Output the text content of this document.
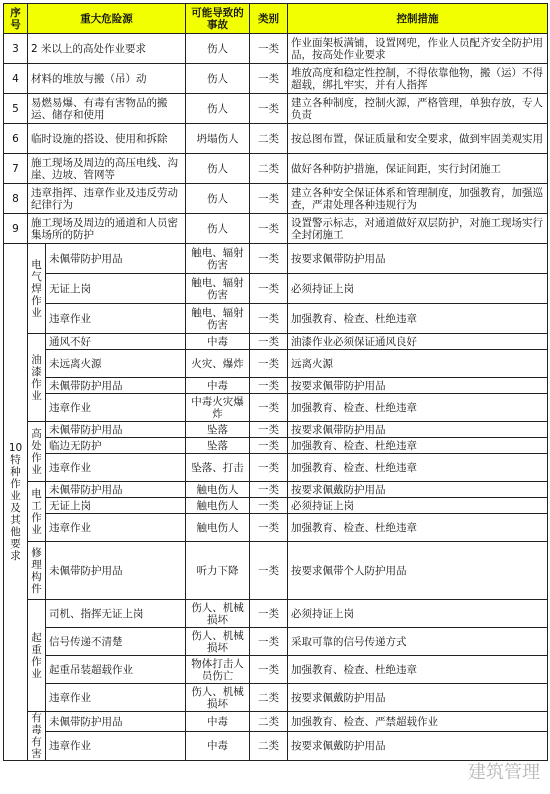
序号	重大危险源		可能导致的事故	类别	控制措施
3	2 米以上的高处作业要求		伤人	一类	作业面架板满铺，设置网兜，作业人员配齐安全防护用品，按高处作业要求
4	材料的堆放与搬（吊）动		伤人	一类	堆放高度和稳定性控制，不得依靠他物，搬（运）不得超载，绑扎牢实，并有人指挥
5	易燃易爆、有毒有害物品的搬运、储存和使用		伤人	一类	建立各种制度，控制火源，严格管理，单独存放，专人负责
6	临时设施的搭设、使用和拆除		坍塌伤人	二类	按总图布置，保证质量和安全要求，做到牢固美观实用
7	施工现场及周边的高压电线、沟崖、边坡、管网等		伤人	二类	做好各种防护措施，保证间距，实行封闭施工
8	违章指挥、违章作业及违反劳动纪律行为		伤人	一类	建立各种安全保证体系和管理制度，加强教育，加强巡查，严肃处理各种违规行为
9	施工现场及周边的通道和人员密集场所的防护		伤人	一类	设置警示标志，对通道做好双层防护，对施工现场实行全封闭施工
10 特种作业及其他要求	电气焊作业	未佩带防护用品	触电、辐射伤害	一类	按要求佩带防护用品
		无证上岗	触电、辐射伤害	一类	必须持证上岗
		违章作业	触电、辐射伤害	一类	加强教育、检查、杜绝违章
	油漆作业	通风不好	中毒	一类	油漆作业必须保证通风良好
		未远离火源	火灾、爆炸	一类	远离火源
		未佩带防护用品	中毒	一类	按要求佩带防护用品
		违章作业	中毒火灾爆炸	一类	加强教育、检查、杜绝违章
	高处作业	未佩带防护用品	坠落	一类	按要求佩带防护用品
		临边无防护	坠落	一类	加强教育、检查、杜绝违章
		违章作业	坠落、打击	一类	加强教育、检查、杜绝违章
	电工作业	未佩带防护用品	触电伤人	一类	按要求佩戴防护用品
		无证上岗	触电伤人	一类	必须持证上岗
		违章作业	触电伤人	一类	加强教育、检查、杜绝违章
	修理构件	未佩带防护用品	听力下降	一类	按要求佩带个人防护用品
	起重作业	司机、指挥无证上岗	伤人、机械损坏	一类	必须持证上岗
		信号传递不清楚	伤人、机械损坏	一类	采取可靠的信号传递方式
		起重吊装超载作业	物体打击人员伤亡	一类	加强教育、检查、杜绝违章
		违章作业	伤人、机械损坏	二类	按要求佩戴防护用品
	有毒有害	未佩带防护用品	中毒	二类	加强教育、检查、严禁超载作业
		违章作业	中毒	二类	按要求佩戴防护用品
建筑管理
